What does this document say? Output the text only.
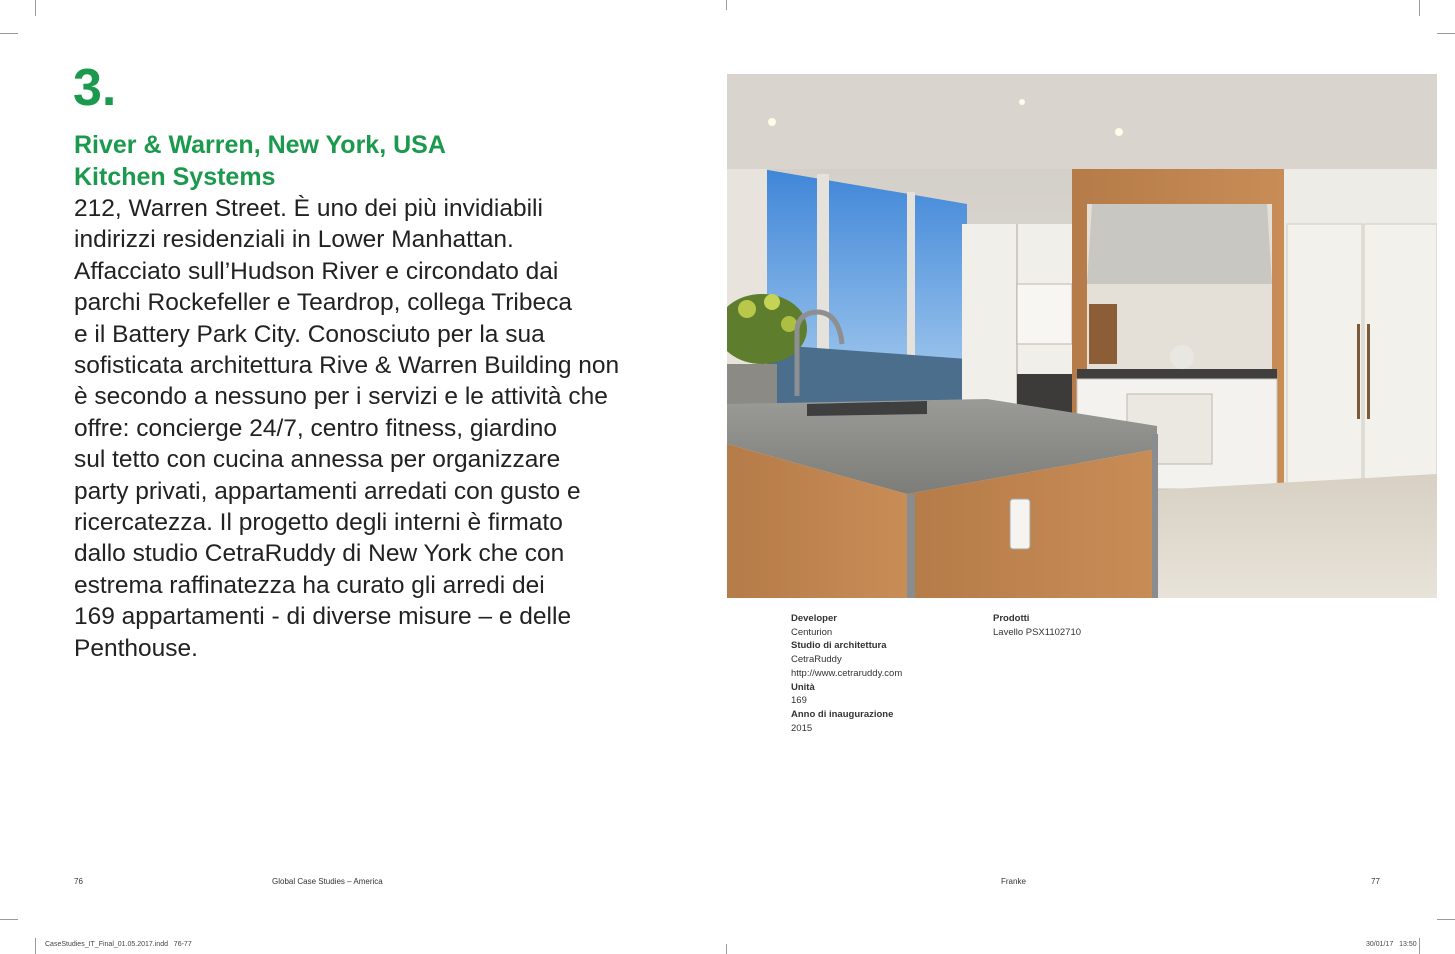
3.
River & Warren, New York, USA
Kitchen Systems
212, Warren Street. È uno dei più invidiabili
indirizzi residenziali in Lower Manhattan.
Affacciato sull’Hudson River e circondato dai
parchi Rockefeller e Teardrop, collega Tribeca
e il Battery Park City. Conosciuto per la sua
sofisticata architettura Rive & Warren Building non
è secondo a nessuno per i servizi e le attività che
offre: concierge 24/7, centro fitness, giardino
sul tetto con cucina annessa per organizzare
party privati, appartamenti arredati con gusto e
ricercatezza. Il progetto degli interni è firmato
dallo studio CetraRuddy di New York che con
estrema raffinatezza ha curato gli arredi dei
169 appartamenti - di diverse misure – e delle
Penthouse.
Developer
Centurion
Studio di architettura
CetraRuddy
http://www.cetraruddy.com
Unità
169
Anno di inaugurazione
2015
Prodotti
Lavello PSX1102710
76	Global Case Studies – America	Franke	77
CaseStudies_IT_Final_01.05.2017.indd   76-77	30/01/17   13:50
